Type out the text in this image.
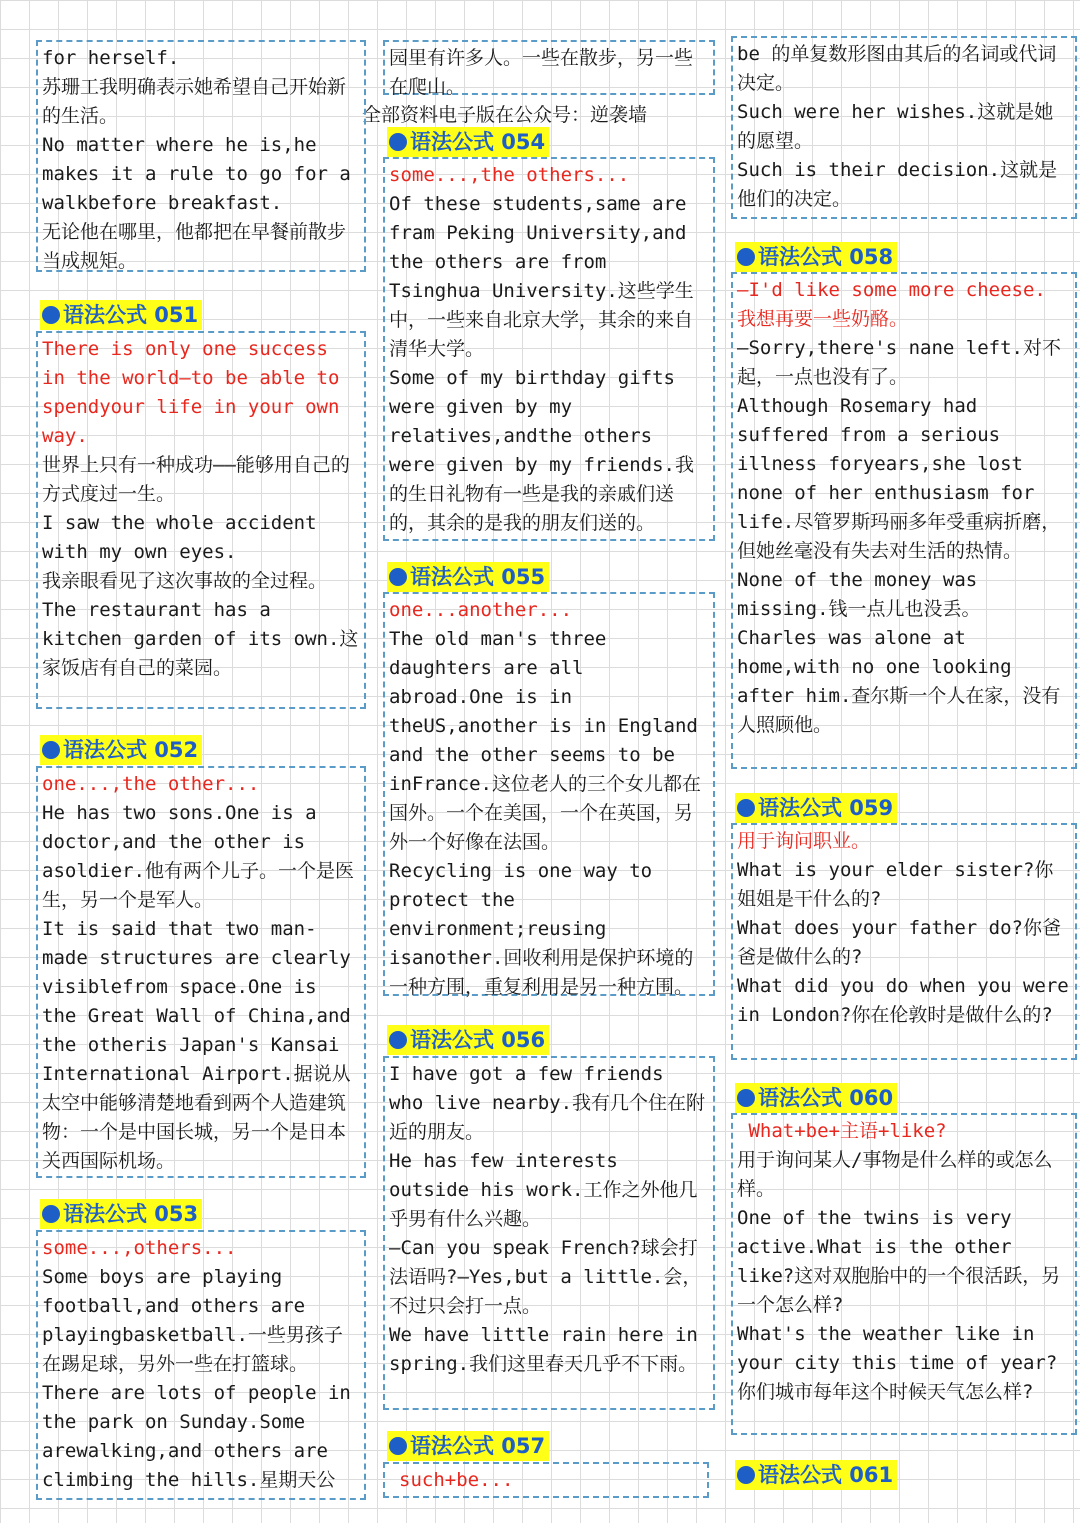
全部资料电子版在公众号：逆袭墙

for herself.

苏珊工我明确表示她希望自己开始新的生活。

No matter where he is,he makes it a rule to go for a walkbefore breakfast.

无论他在哪里，他都把在早餐前散步当成规矩。

语法公式 051

There is only one success in the world—to be able to spendyour life in your own way.

世界上只有一种成功——能够用自己的方式度过一生。

I saw the whole accident with my own eyes.

我亲眼看见了这次事故的全过程。

The restaurant has a kitchen garden of its own.这家饭店有自己的菜园。

语法公式 052

one...,the other...

He has two sons.One is a doctor,and the other is asoldier.他有两个儿子。一个是医生，另一个是军人。

It is said that two man-made structures are clearly visiblefrom space.One is the Great Wall of China,and the otheris Japan's Kansai International Airport.据说从太空中能够清楚地看到两个人造建筑物：一个是中国长城，另一个是日本关西国际机场。

语法公式 053

some...,others...

Some boys are playing football,and others are playingbasketball.一些男孩子在踢足球，另外一些在打篮球。

There are lots of people in the park on Sunday.Some arewalking,and others are climbing the hills.星期天公

园里有许多人。一些在散步，另一些在爬山。

语法公式 054

some...,the others...

Of these students,same are fram Peking University,and the others are from Tsinghua University.这些学生中，一些来自北京大学，其余的来自清华大学。

Some of my birthday gifts were given by my relatives,andthe others were given by my friends.我的生日礼物有一些是我的亲戚们送的，其余的是我的朋友们送的。

语法公式 055

one...another...

The old man's three daughters are all abroad.One is in theUS,another is in England and the other seems to be inFrance.这位老人的三个女儿都在国外。一个在美国，一个在英国，另外一个好像在法国。

Recycling is one way to protect the environment;reusing isanother.回收利用是保护环境的一种方围，重复利用是另一种方围。

语法公式 056

I have got a few friends who live nearby.我有几个住在附近的朋友。

He has few interests outside his work.工作之外他几乎男有什么兴趣。

—Can you speak French?球会打法语吗?—Yes,but a little.会，不过只会打一点。

We have little rain here in spring.我们这里春天几乎不下雨。

语法公式 057

such+be...

be 的单复数形图由其后的名词或代词决定。

Such were her wishes.这就是她的愿望。

Such is their decision.这就是他们的决定。

语法公式 058

—I'd like some more cheese.

我想再要一些奶酪。

—Sorry,there's nane left.对不起，一点也没有了。

Although Rosemary had suffered from a serious illness foryears,she lost none of her enthusiasm for life.尽管罗斯玛丽多年受重病折磨，但她丝毫没有失去对生活的热情。

None of the money was missing.钱一点儿也没丢。

Charles was alone at home,with no one looking after him.查尔斯一个人在家，没有人照顾他。

语法公式 059

用于询问职业。

What is your elder sister?你姐姐是干什么的?

What does your father do?你爸爸是做什么的?

What did you do when you were in London?你在伦敦时是做什么的?

语法公式 060

What+be+主语+like?

用于询问某人/事物是什么样的或怎么样。

One of the twins is very active.What is the other like?这对双胞胎中的一个很活跃，另一个怎么样?

What's the weather like in your city this time of year?你们城市每年这个时候天气怎么样?

语法公式 061
